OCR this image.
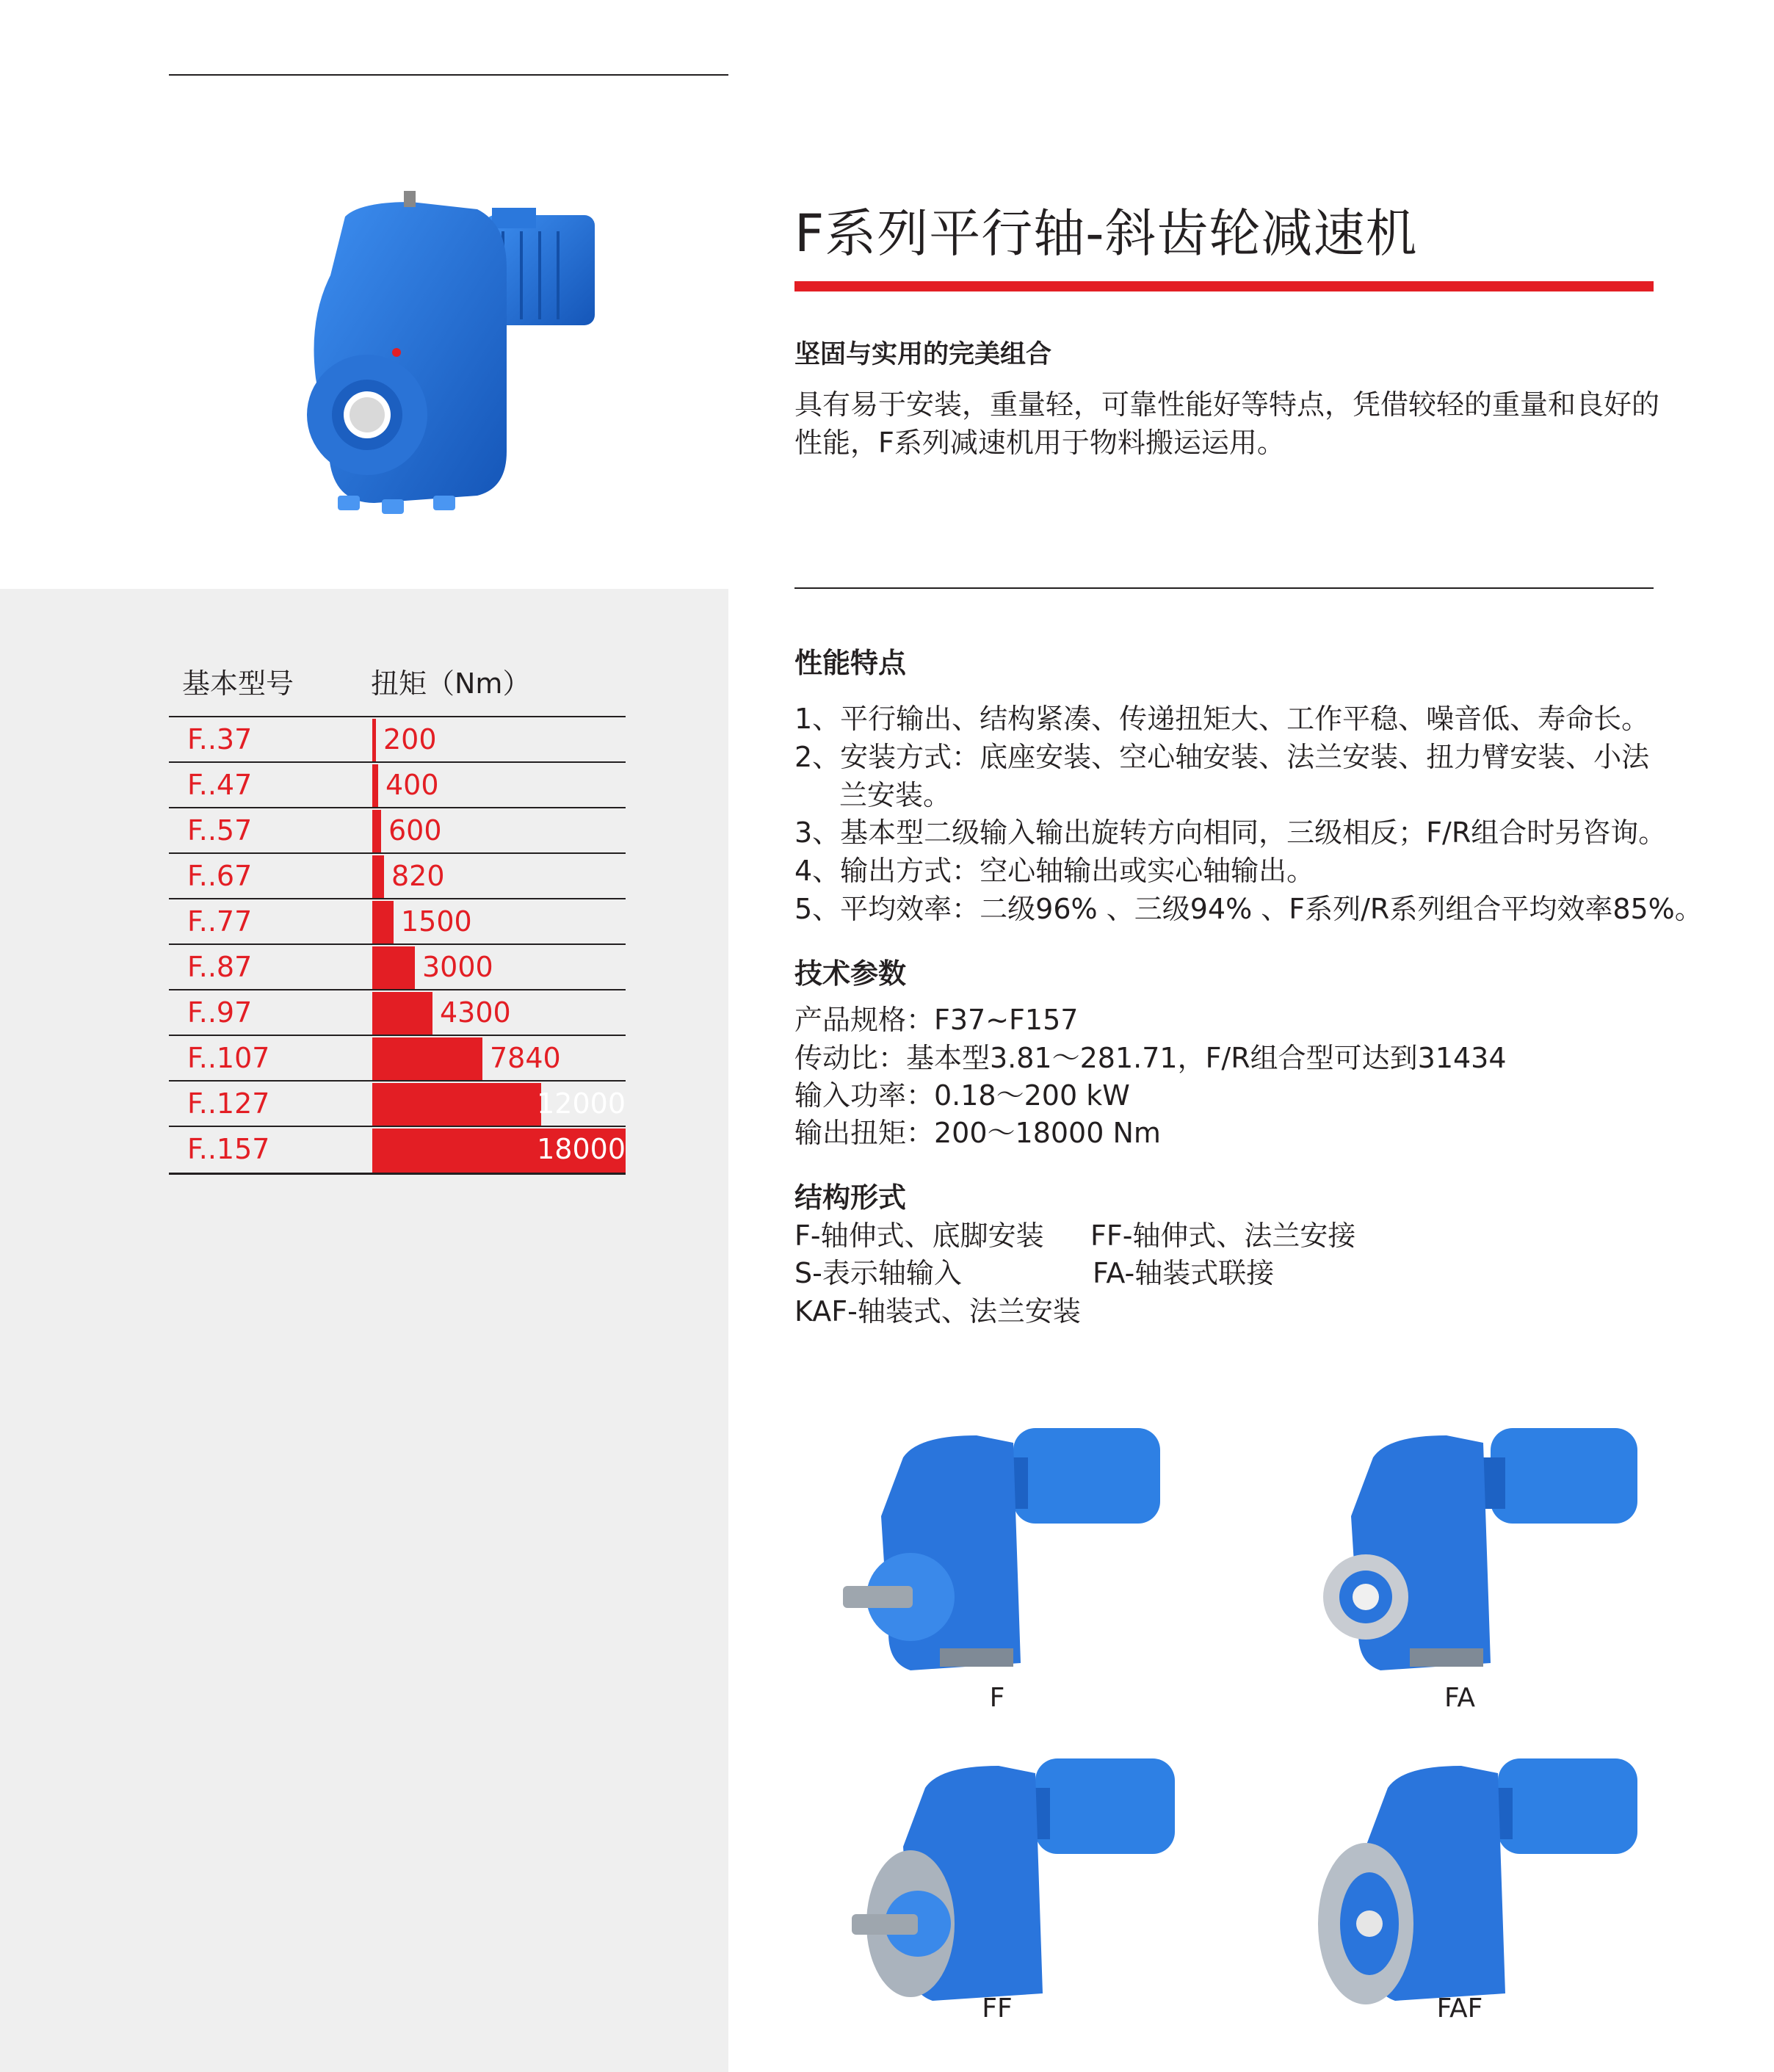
基本型号	扭矩（Nm）
F..37	200
F..47	400
F..57	600
F..67	820
F..77	1500
F..87	3000
F..97	4300
F..107	7840
F..127	12000
F..157	18000
F系列平行轴-斜齿轮减速机
坚固与实用的完美组合
具有易于安装，重量轻，可靠性能好等特点，凭借较轻的重量和良好的性能，F系列减速机用于物料搬运运用。
性能特点
1、平行输出、结构紧凑、传递扭矩大、工作平稳、噪音低、寿命长。
2、安装方式：底座安装、空心轴安装、法兰安装、扭力臂安装、小法
兰安装。
3、基本型二级输入输出旋转方向相同，三级相反；F/R组合时另咨询。
4、输出方式：空心轴输出或实心轴输出。
5、平均效率：二级96% 、三级94% 、F系列/R系列组合平均效率85%。
技术参数
产品规格：F37~F157
传动比：基本型3.81～281.71，F/R组合型可达到31434
输入功率：0.18～200 kW
输出扭矩：200～18000 Nm
结构形式
F-轴伸式、底脚安装 FF-轴伸式、法兰安接
S-表示轴输入	FA-轴装式联接
KAF-轴装式、法兰安装
F	FA
FF	FAF
